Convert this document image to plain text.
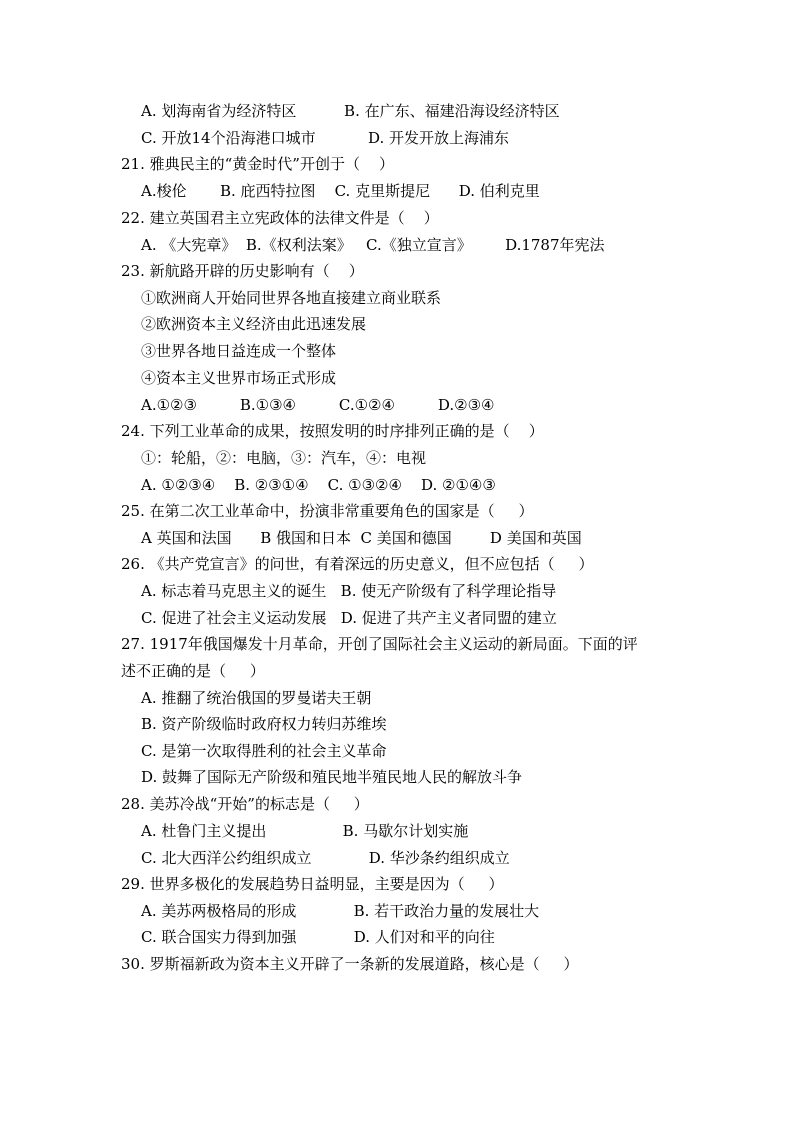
A. 划海南省为经济特区          B. 在广东、福建沿海设经济特区
C. 开放14个沿海港口城市           D. 开发开放上海浦东
21. 雅典民主的“黄金时代”开创于（    ）
A.梭伦       B. 庇西特拉图    C. 克里斯提尼      D. 伯利克里
22. 建立英国君主立宪政体的法律文件是（    ）
A. 《大宪章》  B.《权利法案》   C.《独立宣言》       D.1787年宪法
23. 新航路开辟的历史影响有（    ）
①欧洲商人开始同世界各地直接建立商业联系
②欧洲资本主义经济由此迅速发展
③世界各地日益连成一个整体
④资本主义世界市场正式形成
A.①②③         B.①③④         C.①②④         D.②③④
24. 下列工业革命的成果，按照发明的时序排列正确的是（    ）
①：轮船，②：电脑，③：汽车，④：电视
A. ①②③④    B. ②③①④    C. ①③②④    D. ②①④③
25. 在第二次工业革命中，扮演非常重要角色的国家是（     ）
A 英国和法国      B 俄国和日本  C 美国和德国        D 美国和英国
26. 《共产党宣言》的问世，有着深远的历史意义，但不应包括（     ）
A. 标志着马克思主义的诞生   B. 使无产阶级有了科学理论指导
C. 促进了社会主义运动发展   D. 促进了共产主义者同盟的建立
27. 1917年俄国爆发十月革命，开创了国际社会主义运动的新局面。下面的评
述不正确的是（     ）
A. 推翻了统治俄国的罗曼诺夫王朝
B. 资产阶级临时政府权力转归苏维埃
C. 是第一次取得胜利的社会主义革命
D. 鼓舞了国际无产阶级和殖民地半殖民地人民的解放斗争
28. 美苏冷战“开始”的标志是（     ）
A. 杜鲁门主义提出                B. 马歇尔计划实施
C. 北大西洋公约组织成立            D. 华沙条约组织成立
29. 世界多极化的发展趋势日益明显，主要是因为（     ）
A. 美苏两极格局的形成            B. 若干政治力量的发展壮大
C. 联合国实力得到加强            D. 人们对和平的向往
30. 罗斯福新政为资本主义开辟了一条新的发展道路，核心是（     ）
